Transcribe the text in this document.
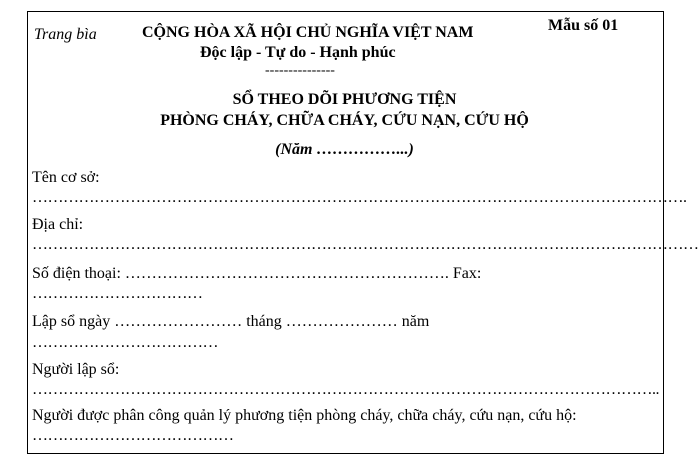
Trang bìa
Mẫu số 01
CỘNG HÒA XÃ HỘI CHỦ NGHĨA VIỆT NAM
Độc lập - Tự do - Hạnh phúc
---------------
SỔ THEO DÕI PHƯƠNG TIỆN
PHÒNG CHÁY, CHỮA CHÁY, CỨU NẠN, CỨU HỘ
(Năm ……………...)
Tên cơ sở:
……………………………………………………………………………………………………………….
Địa chỉ:
…………………………………………………………………………………………………………………
Số điện thoại: ……………………………………………………. Fax:
……………………………
Lập sổ ngày …………………… tháng ………………… năm
………………………………
Người lập sổ:
…………………………………………………………………………………………………………..
Người được phân công quản lý phương tiện phòng cháy, chữa cháy, cứu nạn, cứu hộ:
…………………………………
